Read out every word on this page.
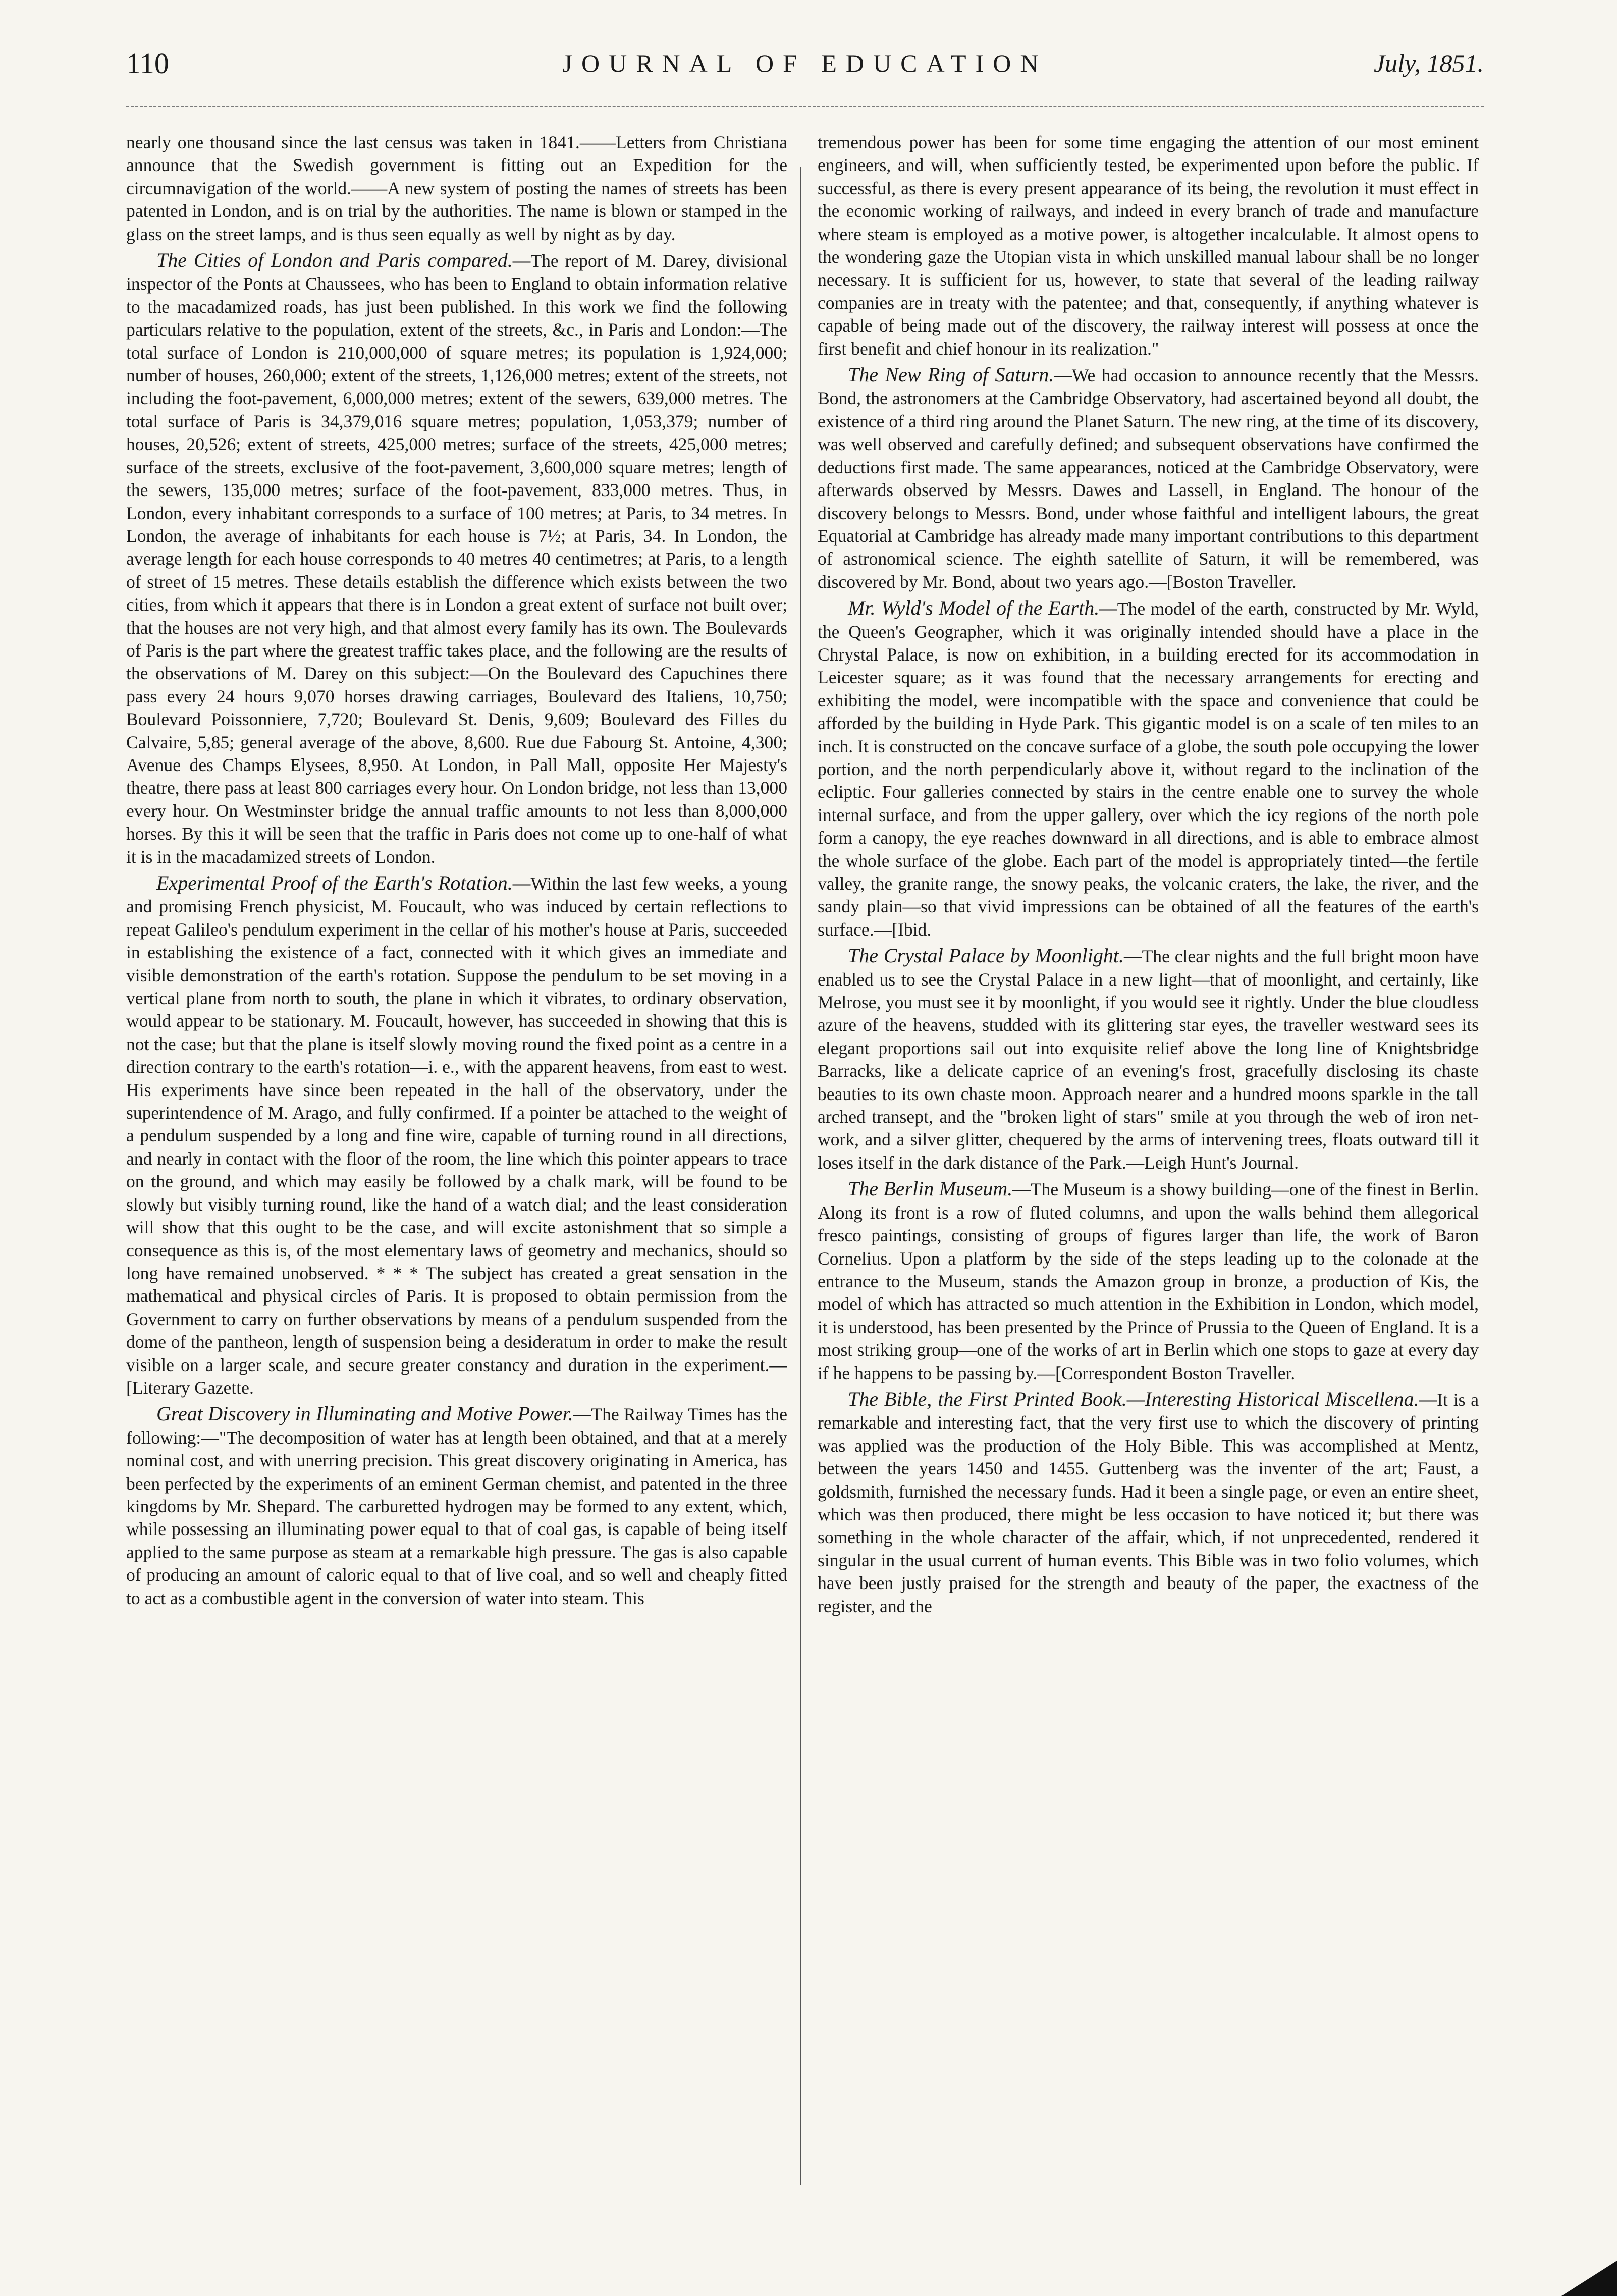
110	JOURNAL OF EDUCATION	July, 1851.

nearly one thousand since the last census was taken in 1841.——Letters from Christiana announce that the Swedish government is fitting out an Expedition for the circumnavigation of the world.——A new system of posting the names of streets has been patented in London, and is on trial by the authorities. The name is blown or stamped in the glass on the street lamps, and is thus seen equally as well by night as by day.

The Cities of London and Paris compared.—The report of M. Darey, divisional inspector of the Ponts at Chaussees, who has been to England to obtain information relative to the macadamized roads, has just been published. In this work we find the following particulars relative to the population, extent of the streets, &c., in Paris and London:—The total surface of London is 210,000,000 of square metres; its population is 1,924,000; number of houses, 260,000; extent of the streets, 1,126,000 metres; extent of the streets, not including the foot-pavement, 6,000,000 metres; extent of the sewers, 639,000 metres. The total surface of Paris is 34,379,016 square metres; population, 1,053,379; number of houses, 20,526; extent of streets, 425,000 metres; surface of the streets, 425,000 metres; surface of the streets, exclusive of the foot-pavement, 3,600,000 square metres; length of the sewers, 135,000 metres; surface of the foot-pavement, 833,000 metres. Thus, in London, every inhabitant corresponds to a surface of 100 metres; at Paris, to 34 metres. In London, the average of inhabitants for each house is 7½; at Paris, 34. In London, the average length for each house corresponds to 40 metres 40 centimetres; at Paris, to a length of street of 15 metres. These details establish the difference which exists between the two cities, from which it appears that there is in London a great extent of surface not built over; that the houses are not very high, and that almost every family has its own. The Boulevards of Paris is the part where the greatest traffic takes place, and the following are the results of the observations of M. Darey on this subject:—On the Boulevard des Capuchines there pass every 24 hours 9,070 horses drawing carriages, Boulevard des Italiens, 10,750; Boulevard Poissonniere, 7,720; Boulevard St. Denis, 9,609; Boulevard des Filles du Calvaire, 5,85; general average of the above, 8,600. Rue due Fabourg St. Antoine, 4,300; Avenue des Champs Elysees, 8,950. At London, in Pall Mall, opposite Her Majesty's theatre, there pass at least 800 carriages every hour. On London bridge, not less than 13,000 every hour. On Westminster bridge the annual traffic amounts to not less than 8,000,000 horses. By this it will be seen that the traffic in Paris does not come up to one-half of what it is in the macadamized streets of London.

Experimental Proof of the Earth's Rotation.—Within the last few weeks, a young and promising French physicist, M. Foucault, who was induced by certain reflections to repeat Galileo's pendulum experiment in the cellar of his mother's house at Paris, succeeded in establishing the existence of a fact, connected with it which gives an immediate and visible demonstration of the earth's rotation. Suppose the pendulum to be set moving in a vertical plane from north to south, the plane in which it vibrates, to ordinary observation, would appear to be stationary. M. Foucault, however, has succeeded in showing that this is not the case; but that the plane is itself slowly moving round the fixed point as a centre in a direction contrary to the earth's rotation—i. e., with the apparent heavens, from east to west. His experiments have since been repeated in the hall of the observatory, under the superintendence of M. Arago, and fully confirmed. If a pointer be attached to the weight of a pendulum suspended by a long and fine wire, capable of turning round in all directions, and nearly in contact with the floor of the room, the line which this pointer appears to trace on the ground, and which may easily be followed by a chalk mark, will be found to be slowly but visibly turning round, like the hand of a watch dial; and the least consideration will show that this ought to be the case, and will excite astonishment that so simple a consequence as this is, of the most elementary laws of geometry and mechanics, should so long have remained unobserved. * * * The subject has created a great sensation in the mathematical and physical circles of Paris. It is proposed to obtain permission from the Government to carry on further observations by means of a pendulum suspended from the dome of the pantheon, length of suspension being a desideratum in order to make the result visible on a larger scale, and secure greater constancy and duration in the experiment.—[Literary Gazette.

Great Discovery in Illuminating and Motive Power.—The Railway Times has the following:—"The decomposition of water has at length been obtained, and that at a merely nominal cost, and with unerring precision. This great discovery originating in America, has been perfected by the experiments of an eminent German chemist, and patented in the three kingdoms by Mr. Shepard. The carburetted hydrogen may be formed to any extent, which, while possessing an illuminating power equal to that of coal gas, is capable of being itself applied to the same purpose as steam at a remarkable high pressure. The gas is also capable of producing an amount of caloric equal to that of live coal, and so well and cheaply fitted to act as a combustible agent in the conversion of water into steam. This

tremendous power has been for some time engaging the attention of our most eminent engineers, and will, when sufficiently tested, be experimented upon before the public. If successful, as there is every present appearance of its being, the revolution it must effect in the economic working of railways, and indeed in every branch of trade and manufacture where steam is employed as a motive power, is altogether incalculable. It almost opens to the wondering gaze the Utopian vista in which unskilled manual labour shall be no longer necessary. It is sufficient for us, however, to state that several of the leading railway companies are in treaty with the patentee; and that, consequently, if anything whatever is capable of being made out of the discovery, the railway interest will possess at once the first benefit and chief honour in its realization."

The New Ring of Saturn.—We had occasion to announce recently that the Messrs. Bond, the astronomers at the Cambridge Observatory, had ascertained beyond all doubt, the existence of a third ring around the Planet Saturn. The new ring, at the time of its discovery, was well observed and carefully defined; and subsequent observations have confirmed the deductions first made. The same appearances, noticed at the Cambridge Observatory, were afterwards observed by Messrs. Dawes and Lassell, in England. The honour of the discovery belongs to Messrs. Bond, under whose faithful and intelligent labours, the great Equatorial at Cambridge has already made many important contributions to this department of astronomical science. The eighth satellite of Saturn, it will be remembered, was discovered by Mr. Bond, about two years ago.—[Boston Traveller.

Mr. Wyld's Model of the Earth.—The model of the earth, constructed by Mr. Wyld, the Queen's Geographer, which it was originally intended should have a place in the Chrystal Palace, is now on exhibition, in a building erected for its accommodation in Leicester square; as it was found that the necessary arrangements for erecting and exhibiting the model, were incompatible with the space and convenience that could be afforded by the building in Hyde Park. This gigantic model is on a scale of ten miles to an inch. It is constructed on the concave surface of a globe, the south pole occupying the lower portion, and the north perpendicularly above it, without regard to the inclination of the ecliptic. Four galleries connected by stairs in the centre enable one to survey the whole internal surface, and from the upper gallery, over which the icy regions of the north pole form a canopy, the eye reaches downward in all directions, and is able to embrace almost the whole surface of the globe. Each part of the model is appropriately tinted—the fertile valley, the granite range, the snowy peaks, the volcanic craters, the lake, the river, and the sandy plain—so that vivid impressions can be obtained of all the features of the earth's surface.—[Ibid.

The Crystal Palace by Moonlight.—The clear nights and the full bright moon have enabled us to see the Crystal Palace in a new light—that of moonlight, and certainly, like Melrose, you must see it by moonlight, if you would see it rightly. Under the blue cloudless azure of the heavens, studded with its glittering star eyes, the traveller westward sees its elegant proportions sail out into exquisite relief above the long line of Knightsbridge Barracks, like a delicate caprice of an evening's frost, gracefully disclosing its chaste beauties to its own chaste moon. Approach nearer and a hundred moons sparkle in the tall arched transept, and the "broken light of stars" smile at you through the web of iron net-work, and a silver glitter, chequered by the arms of intervening trees, floats outward till it loses itself in the dark distance of the Park.—Leigh Hunt's Journal.

The Berlin Museum.—The Museum is a showy building—one of the finest in Berlin. Along its front is a row of fluted columns, and upon the walls behind them allegorical fresco paintings, consisting of groups of figures larger than life, the work of Baron Cornelius. Upon a platform by the side of the steps leading up to the colonade at the entrance to the Museum, stands the Amazon group in bronze, a production of Kis, the model of which has attracted so much attention in the Exhibition in London, which model, it is understood, has been presented by the Prince of Prussia to the Queen of England. It is a most striking group—one of the works of art in Berlin which one stops to gaze at every day if he happens to be passing by.—[Correspondent Boston Traveller.

The Bible, the First Printed Book.—Interesting Historical Miscellena.—It is a remarkable and interesting fact, that the very first use to which the discovery of printing was applied was the production of the Holy Bible. This was accomplished at Mentz, between the years 1450 and 1455. Guttenberg was the inventer of the art; Faust, a goldsmith, furnished the necessary funds. Had it been a single page, or even an entire sheet, which was then produced, there might be less occasion to have noticed it; but there was something in the whole character of the affair, which, if not unprecedented, rendered it singular in the usual current of human events. This Bible was in two folio volumes, which have been justly praised for the strength and beauty of the paper, the exactness of the register, and the
